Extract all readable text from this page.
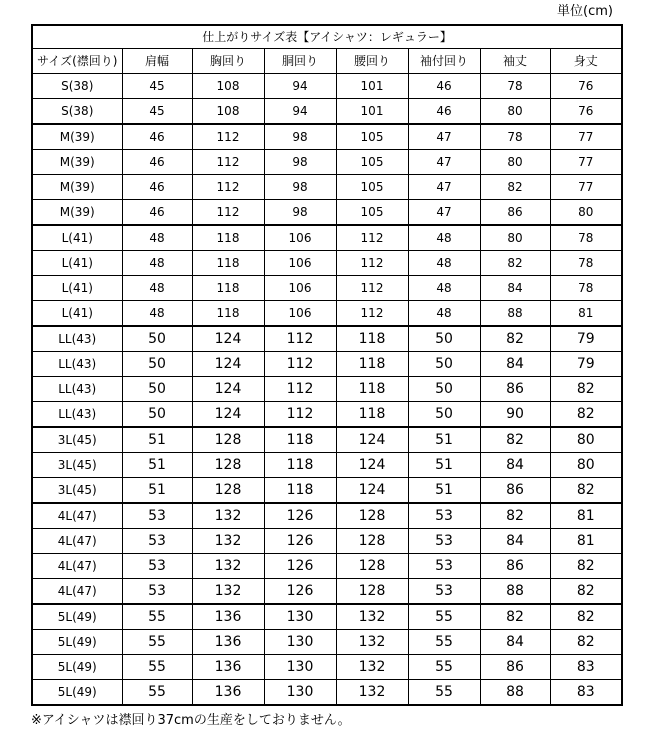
単位(cm)
仕上がりサイズ表【アイシャツ：レギュラー】							
サイズ(襟回り)	肩幅	胸回り	胴回り	腰回り	袖付回り	袖丈	身丈
S(38)	45	108	94	101	46	78	76
S(38)	45	108	94	101	46	80	76
M(39)	46	112	98	105	47	78	77
M(39)	46	112	98	105	47	80	77
M(39)	46	112	98	105	47	82	77
M(39)	46	112	98	105	47	86	80
L(41)	48	118	106	112	48	80	78
L(41)	48	118	106	112	48	82	78
L(41)	48	118	106	112	48	84	78
L(41)	48	118	106	112	48	88	81
LL(43)	50	124	112	118	50	82	79
LL(43)	50	124	112	118	50	84	79
LL(43)	50	124	112	118	50	86	82
LL(43)	50	124	112	118	50	90	82
3L(45)	51	128	118	124	51	82	80
3L(45)	51	128	118	124	51	84	80
3L(45)	51	128	118	124	51	86	82
4L(47)	53	132	126	128	53	82	81
4L(47)	53	132	126	128	53	84	81
4L(47)	53	132	126	128	53	86	82
4L(47)	53	132	126	128	53	88	82
5L(49)	55	136	130	132	55	82	82
5L(49)	55	136	130	132	55	84	82
5L(49)	55	136	130	132	55	86	83
5L(49)	55	136	130	132	55	88	83
※アイシャツは襟回り37cmの生産をしておりません。
